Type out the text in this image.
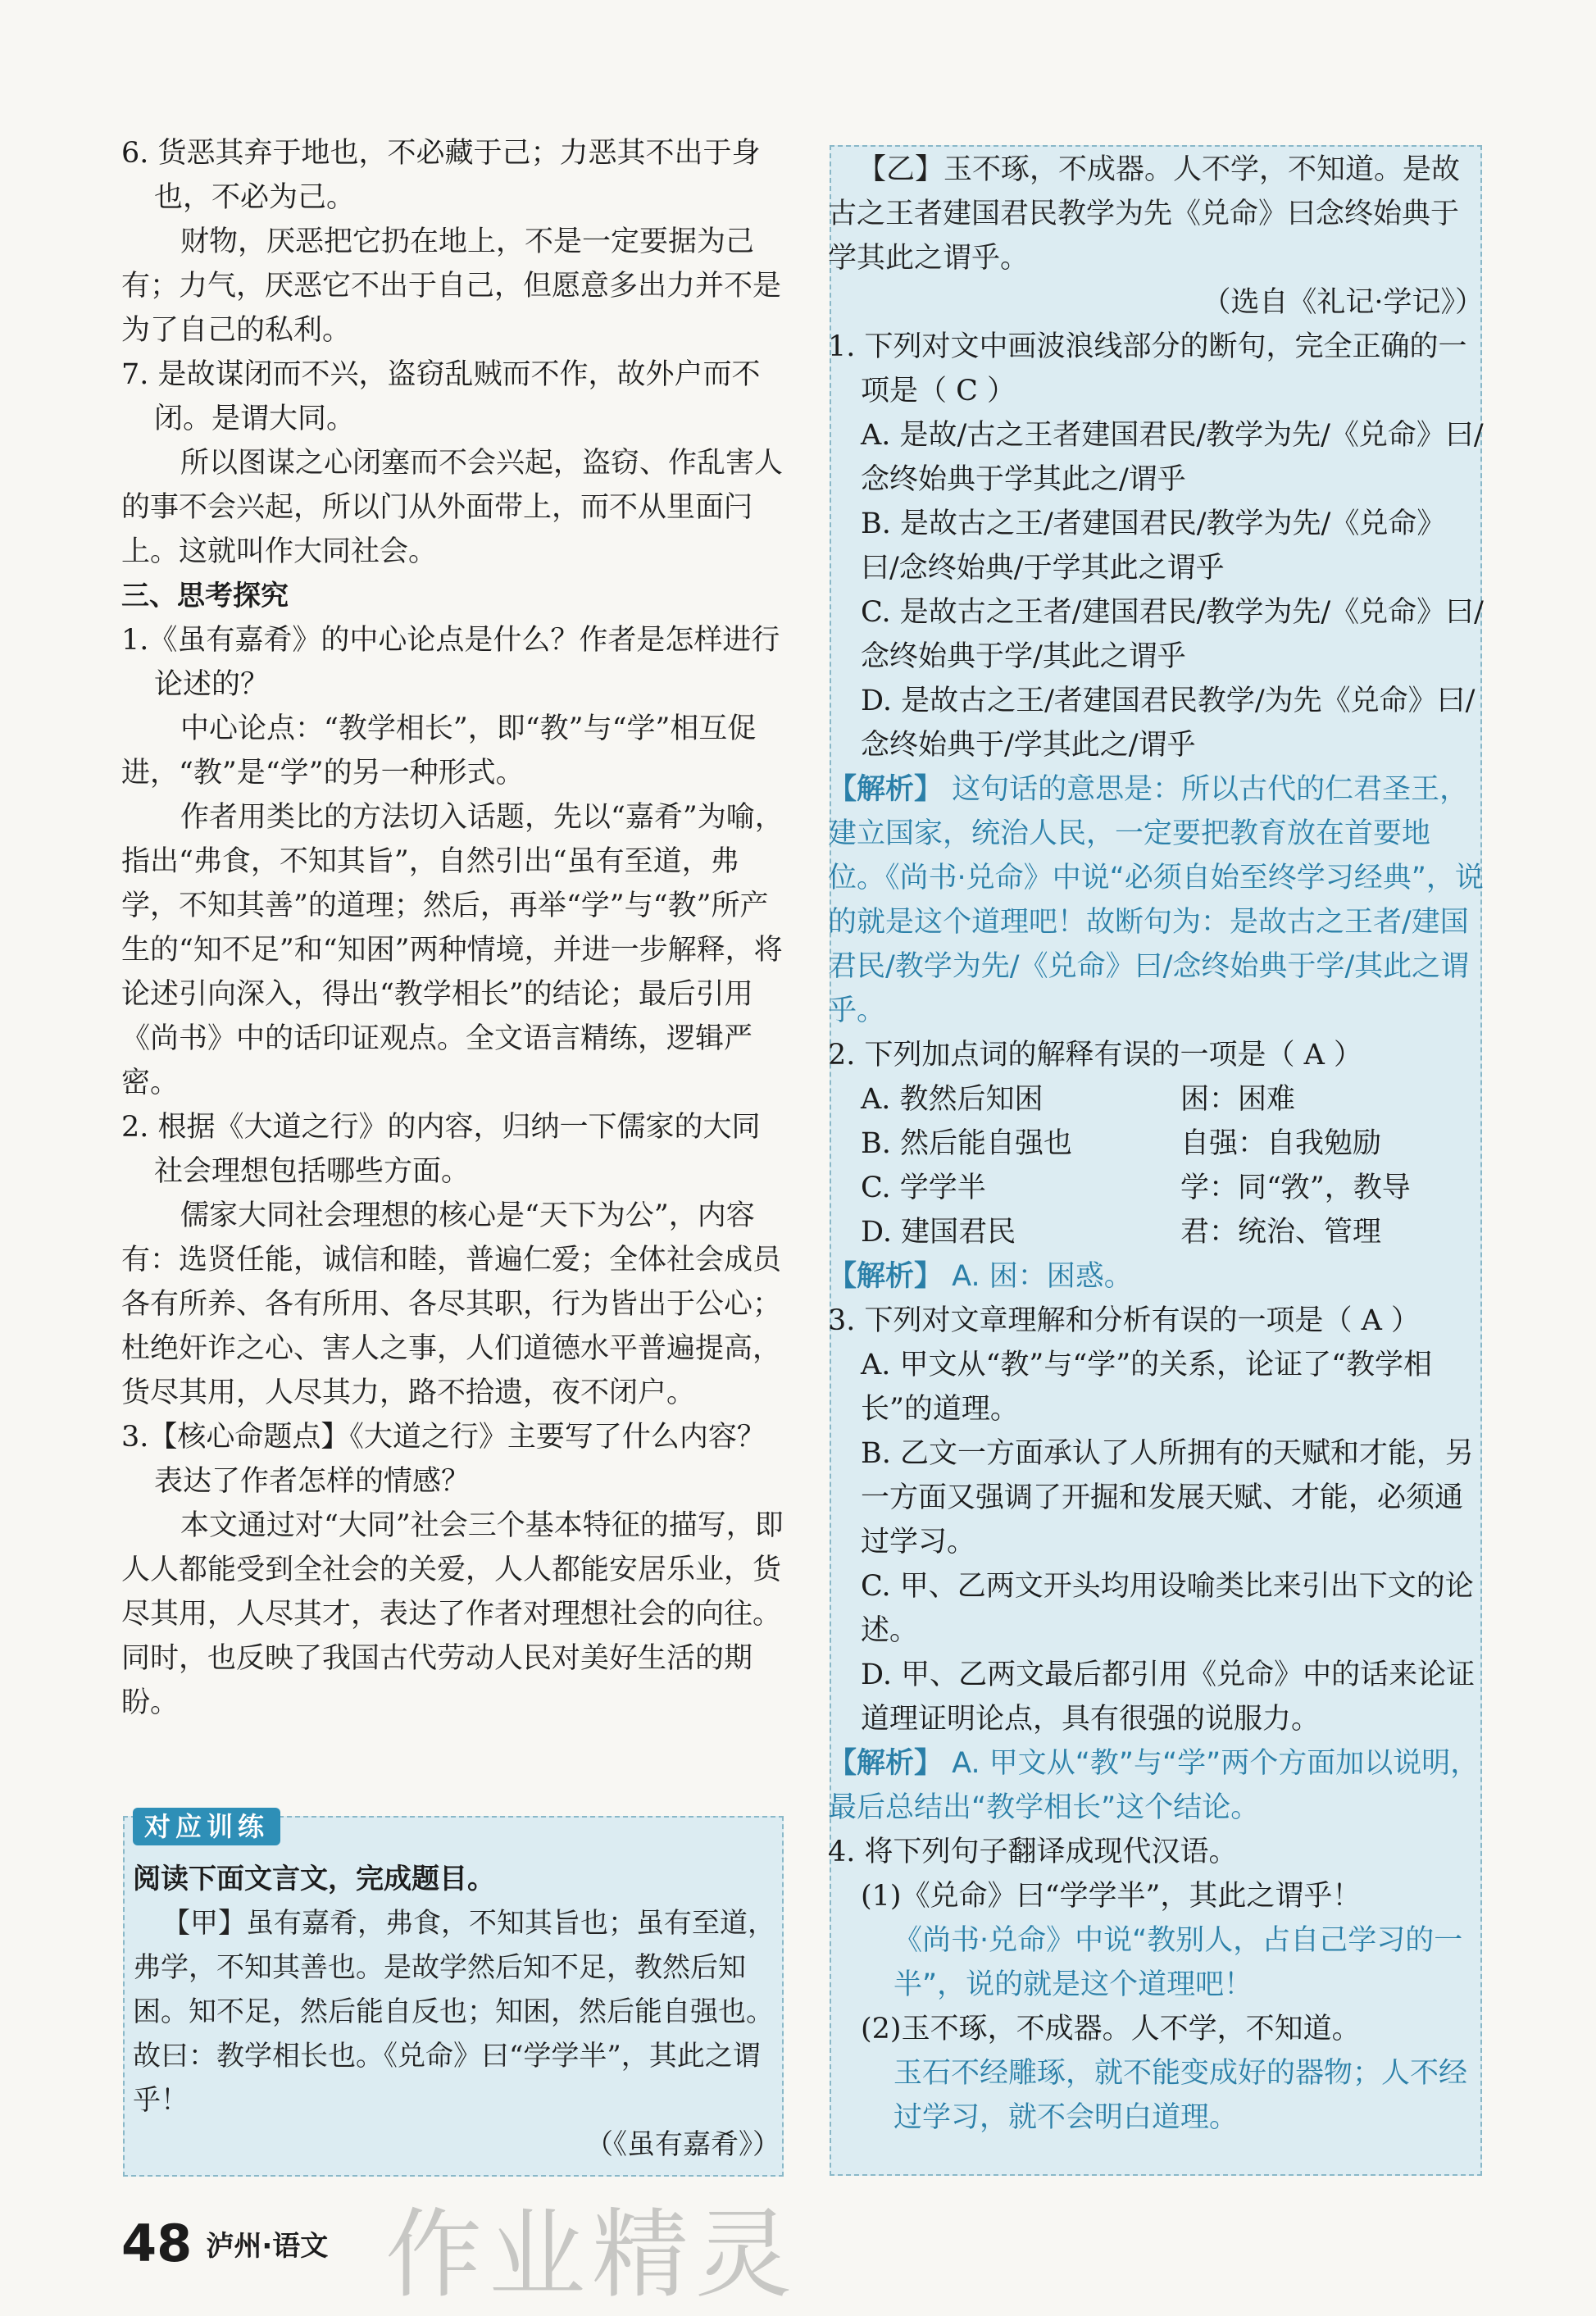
6. 货恶其弃于地也，不必藏于己；力恶其不出于身也，不必为己。

财物，厌恶把它扔在地上，不是一定要据为己有；力气，厌恶它不出于自己，但愿意多出力并不是为了自己的私利。

7. 是故谋闭而不兴，盗窃乱贼而不作，故外户而不闭。是谓大同。

所以图谋之心闭塞而不会兴起，盗窃、作乱害人的事不会兴起，所以门从外面带上，而不从里面闩上。这就叫作大同社会。

三、思考探究

1.《虽有嘉肴》的中心论点是什么？作者是怎样进行论述的？

中心论点：“教学相长”，即“教”与“学”相互促进，“教”是“学”的另一种形式。

作者用类比的方法切入话题，先以“嘉肴”为喻，指出“弗食，不知其旨”，自然引出“虽有至道，弗学，不知其善”的道理；然后，再举“学”与“教”所产生的“知不足”和“知困”两种情境，并进一步解释，将论述引向深入，得出“教学相长”的结论；最后引用《尚书》中的话印证观点。全文语言精练，逻辑严密。

2. 根据《大道之行》的内容，归纳一下儒家的大同社会理想包括哪些方面。

儒家大同社会理想的核心是“天下为公”，内容有：选贤任能，诚信和睦，普遍仁爱；全体社会成员各有所养、各有所用、各尽其职，行为皆出于公心；杜绝奸诈之心、害人之事，人们道德水平普遍提高，货尽其用，人尽其力，路不拾遗，夜不闭户。

3.【核心命题点】《大道之行》主要写了什么内容？表达了作者怎样的情感？

本文通过对“大同”社会三个基本特征的描写，即人人都能受到全社会的关爱，人人都能安居乐业，货尽其用，人尽其才，表达了作者对理想社会的向往。同时，也反映了我国古代劳动人民对美好生活的期盼。

对应训练

阅读下面文言文，完成题目。

【甲】虽有嘉肴，弗食，不知其旨也；虽有至道，弗学，不知其善也。是故学然后知不足，教然后知困。知不足，然后能自反也；知困，然后能自强也。故曰：教学相长也。《兑命》曰“学学半”，其此之谓乎！

（《虽有嘉肴》）

【乙】玉不琢，不成器。人不学，不知道。是故古之王者建国君民教学为先《兑命》曰念终始典于学其此之谓乎。

（选自《礼记·学记》）

1. 下列对文中画波浪线部分的断句，完全正确的一项是（ C ）

A. 是故/古之王者建国君民/教学为先/《兑命》曰/念终始典于学其此之/谓乎

B. 是故古之王/者建国君民/教学为先/《兑命》曰/念终始典/于学其此之谓乎

C. 是故古之王者/建国君民/教学为先/《兑命》曰/念终始典于学/其此之谓乎

D. 是故古之王/者建国君民教学/为先《兑命》曰/念终始典于/学其此之/谓乎

【解析】 这句话的意思是：所以古代的仁君圣王，建立国家，统治人民，一定要把教育放在首要地位。《尚书·兑命》中说“必须自始至终学习经典”，说的就是这个道理吧！故断句为：是故古之王者/建国君民/教学为先/《兑命》曰/念终始典于学/其此之谓乎。

2. 下列加点词的解释有误的一项是（ A ）

A. 教然后知困	困：困难
B. 然后能自强也	自强：自我勉励
C. 学学半	学：同“敩”，教导
D. 建国君民	君：统治、管理

【解析】 A. 困：困惑。

3. 下列对文章理解和分析有误的一项是（ A ）

A. 甲文从“教”与“学”的关系，论证了“教学相长”的道理。

B. 乙文一方面承认了人所拥有的天赋和才能，另一方面又强调了开掘和发展天赋、才能，必须通过学习。

C. 甲、乙两文开头均用设喻类比来引出下文的论述。

D. 甲、乙两文最后都引用《兑命》中的话来论证道理证明论点，具有很强的说服力。

【解析】 A. 甲文从“教”与“学”两个方面加以说明，最后总结出“教学相长”这个结论。

4. 将下列句子翻译成现代汉语。

(1)《兑命》曰“学学半”，其此之谓乎！

《尚书·兑命》中说“教别人，占自己学习的一半”，说的就是这个道理吧！

(2)玉不琢，不成器。人不学，不知道。

玉石不经雕琢，就不能变成好的器物；人不经过学习，就不会明白道理。

48 泸州·语文 作业精灵
